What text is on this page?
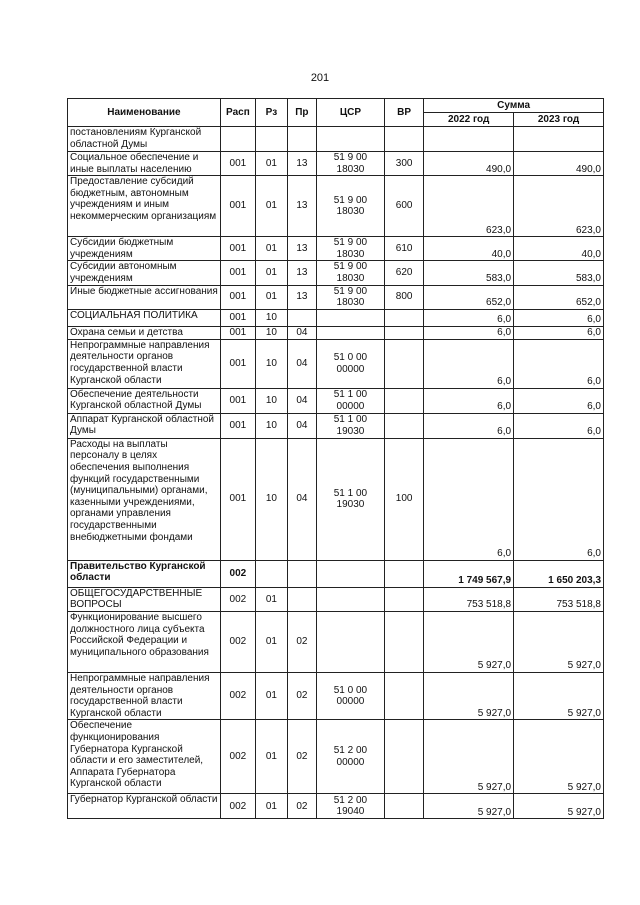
201
Наименование	Расп	Рз	Пр	ЦСР	ВР	Сумма	
						2022 год	2023 год
постановлениям Курганской областной Думы							
Социальное обеспечение и иные выплаты населению	001	01	13	51 9 00 18030	300	490,0	490,0
Предоставление субсидий бюджетным, автономным учреждениям и иным некоммерческим организациям	001	01	13	51 9 00 18030	600	623,0	623,0
Субсидии бюджетным учреждениям	001	01	13	51 9 00 18030	610	40,0	40,0
Субсидии автономным учреждениям	001	01	13	51 9 00 18030	620	583,0	583,0
Иные бюджетные ассигнования	001	01	13	51 9 00 18030	800	652,0	652,0
СОЦИАЛЬНАЯ ПОЛИТИКА	001	10				6,0	6,0
Охрана семьи и детства	001	10	04			6,0	6,0
Непрограммные направления деятельности органов государственной власти Курганской области	001	10	04	51 0 00 00000		6,0	6,0
Обеспечение деятельности Курганской областной Думы	001	10	04	51 1 00 00000		6,0	6,0
Аппарат Курганской областной Думы	001	10	04	51 1 00 19030		6,0	6,0
Расходы на выплаты персоналу в целях обеспечения выполнения функций государственными (муниципальными) органами, казенными учреждениями, органами управления государственными внебюджетными фондами	001	10	04	51 1 00 19030	100	6,0	6,0
Правительство Курганской области	002					1 749 567,9	1 650 203,3
ОБЩЕГОСУДАРСТВЕННЫЕ ВОПРОСЫ	002	01				753 518,8	753 518,8
Функционирование высшего должностного лица субъекта Российской Федерации и муниципального образования	002	01	02			5 927,0	5 927,0
Непрограммные направления деятельности органов государственной власти Курганской области	002	01	02	51 0 00 00000		5 927,0	5 927,0
Обеспечение функционирования Губернатора Курганской области и его заместителей, Аппарата Губернатора Курганской области	002	01	02	51 2 00 00000		5 927,0	5 927,0
Губернатор Курганской области	002	01	02	51 2 00 19040		5 927,0	5 927,0
